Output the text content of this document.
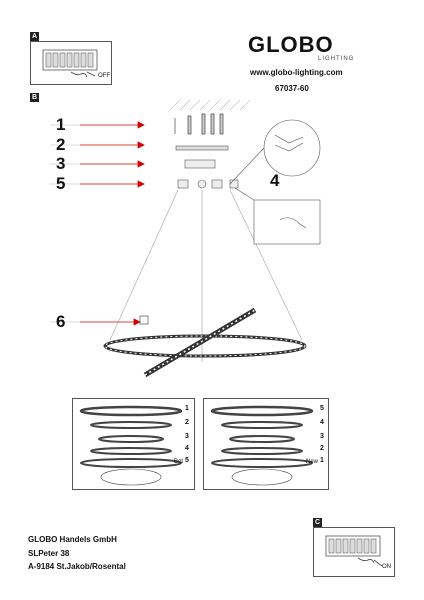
A
OFF
GLOBO
LIGHTING
www.globo-lighting.com
67037-60
B
1
2
3
5	4
6
1
2
3
4
5
Bot
5
4
3
2
1
New
GLOBO Handels GmbH
SLPeter 38
A-9184 St.Jakob/Rosental
C
ON
